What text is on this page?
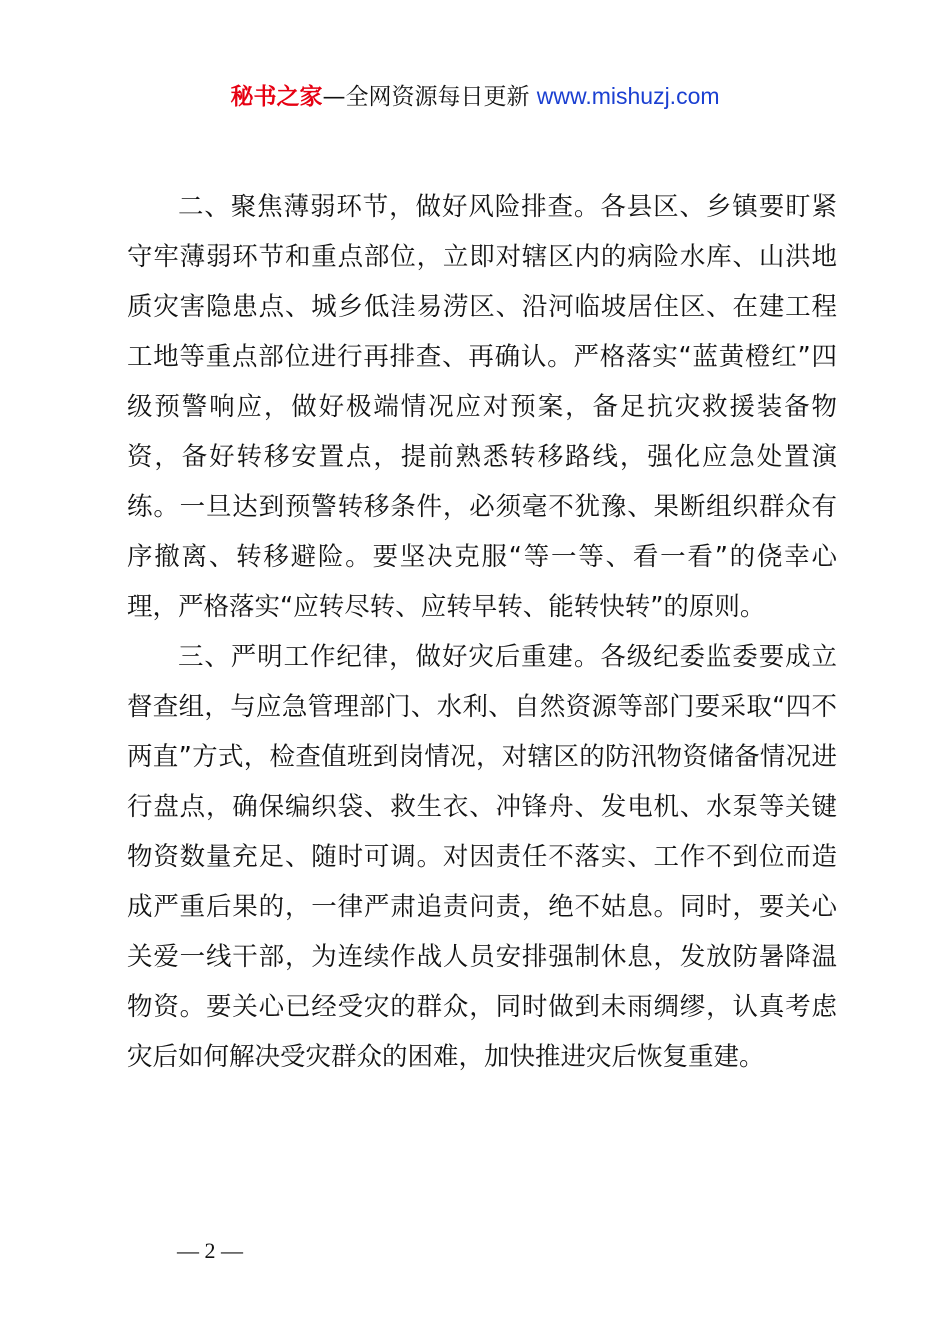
秘书之家—全网资源每日更新 www.mishuzj.com

二、聚焦薄弱环节，做好风险排查。各县区、乡镇要盯紧守牢薄弱环节和重点部位，立即对辖区内的病险水库、山洪地质灾害隐患点、城乡低洼易涝区、沿河临坡居住区、在建工程工地等重点部位进行再排查、再确认。严格落实“蓝黄橙红”四级预警响应，做好极端情况应对预案，备足抗灾救援装备物资，备好转移安置点，提前熟悉转移路线，强化应急处置演练。一旦达到预警转移条件，必须毫不犹豫、果断组织群众有序撤离、转移避险。要坚决克服“等一等、看一看”的侥幸心理，严格落实“应转尽转、应转早转、能转快转”的原则。

三、严明工作纪律，做好灾后重建。各级纪委监委要成立督查组，与应急管理部门、水利、自然资源等部门要采取“四不两直”方式，检查值班到岗情况，对辖区的防汛物资储备情况进行盘点，确保编织袋、救生衣、冲锋舟、发电机、水泵等关键物资数量充足、随时可调。对因责任不落实、工作不到位而造成严重后果的，一律严肃追责问责，绝不姑息。同时，要关心关爱一线干部，为连续作战人员安排强制休息，发放防暑降温物资。要关心已经受灾的群众，同时做到未雨绸缪，认真考虑灾后如何解决受灾群众的困难，加快推进灾后恢复重建。

— 2 —
